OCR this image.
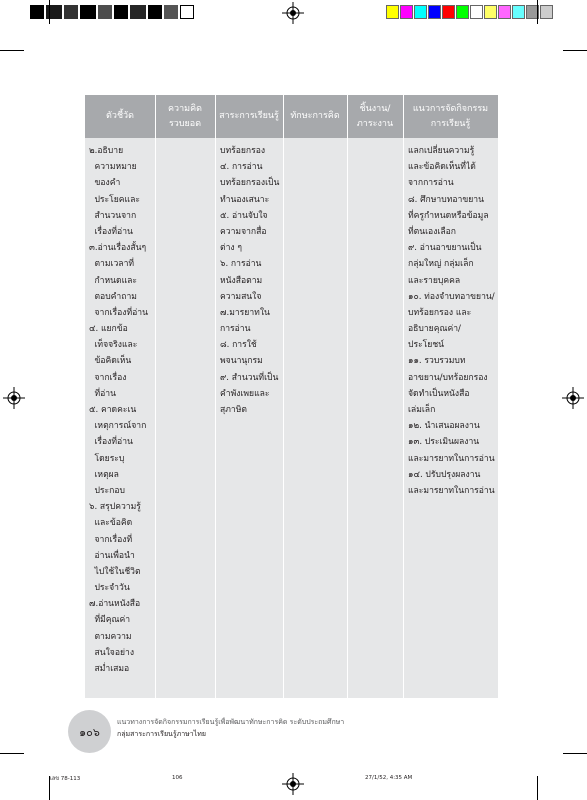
ตัวชี้วัด
ความคิด
รวบยอด
สาระการเรียนรู้ ทักษะการคิด
ชิ้นงาน/
ภาระงาน
แนวการจัดกิจกรรม
การเรียนรู้
๒.อธิบาย
ความหมาย
ของคำ
ประโยคและ
สำนวนจาก
เรื่องที่อ่าน
๓.อ่านเรื่องสั้นๆ
ตามเวลาที่
กำหนดและ
ตอบคำถาม
จากเรื่องที่อ่าน
๔. แยกข้อ
เท็จจริงและ
ข้อคิดเห็น
จากเรื่อง
ที่อ่าน
๕. คาดคะเน
เหตุการณ์จาก
เรื่องที่อ่าน
โดยระบุ
เหตุผล
ประกอบ
๖. สรุปความรู้
และข้อคิด
จากเรื่องที่
อ่านเพื่อนำ
ไปใช้ในชีวิต
ประจำวัน
๗.อ่านหนังสือ
ที่มีคุณค่า
ตามความ
สนใจอย่าง
สม่ำเสมอ
บทร้อยกรอง
๔. การอ่าน
บทร้อยกรองเป็น
ทำนองเสนาะ
๕. อ่านจับใจ
ความจากสื่อ
ต่าง ๆ
๖. การอ่าน
หนังสือตาม
ความสนใจ
๗.มารยาทใน
การอ่าน
๘. การใช้
พจนานุกรม
๙. สำนวนที่เป็น
คำพังเพยและ
สุภาษิต
แลกเปลี่ยนความรู้
และข้อคิดเห็นที่ได้
จากการอ่าน
๘. ศึกษาบทอาขยาน
ที่ครูกำหนดหรือข้อมูล
ที่ตนเองเลือก
๙. อ่านอาขยานเป็น
กลุ่มใหญ่ กลุ่มเล็ก
และรายบุคคล
๑๐. ท่องจำบทอาขยาน/
บทร้อยกรอง และ
อธิบายคุณค่า/
ประโยชน์
๑๑. รวบรวมบท
อาขยาน/บทร้อยกรอง
จัดทำเป็นหนังสือ
เล่มเล็ก
๑๒. นำเสนอผลงาน
๑๓. ประเมินผลงาน
และมารยาทในการอ่าน
๑๔. ปรับปรุงผลงาน
และมารยาทในการอ่าน
๑๐๖
แนวทางการจัดกิจกรรมการเรียนรู้เพื่อพัฒนาทักษะการคิด ระดับประถมศึกษา
กลุ่มสาระการเรียนรู้ภาษาไทย
เลข 78-113	106	27/1/52, 4:35 AM
